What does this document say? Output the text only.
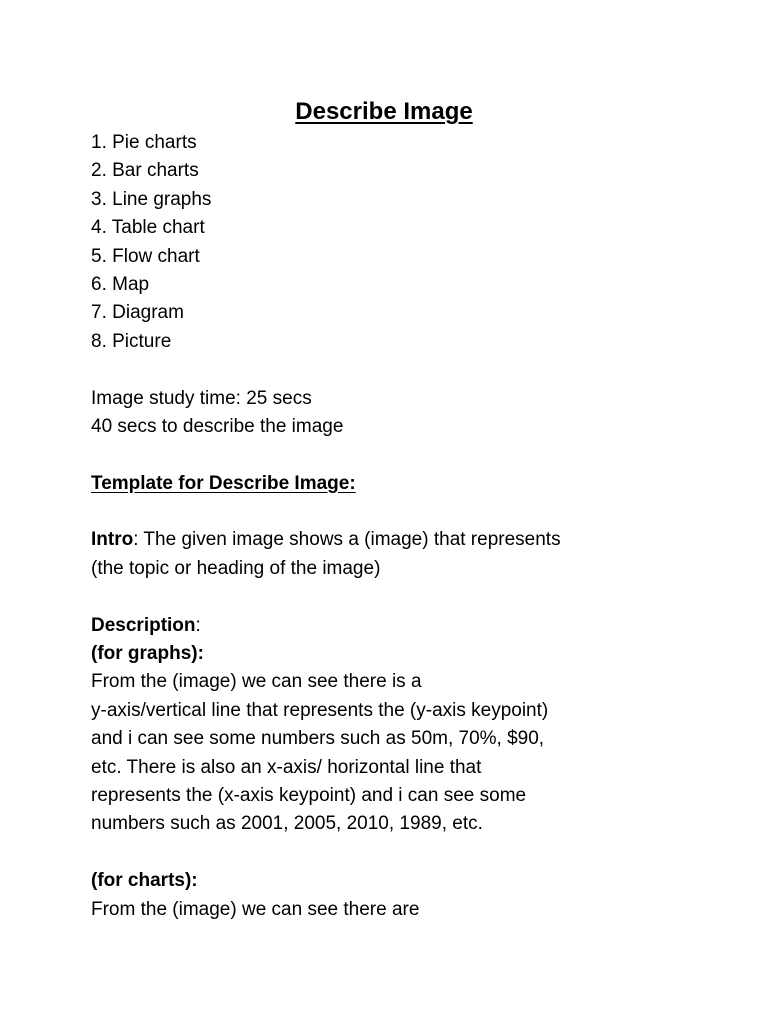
Describe Image
1. Pie charts
2. Bar charts
3. Line graphs
4. Table chart
5. Flow chart
6. Map
7. Diagram
8. Picture
Image study time: 25 secs
40 secs to describe the image
Template for Describe Image:
Intro: The given image shows a (image) that represents
(the topic or heading of the image)
Description:
(for graphs):
From the (image) we can see there is a
y-axis/vertical line that represents the (y-axis keypoint)
and i can see some numbers such as 50m, 70%, $90,
etc. There is also an x-axis/ horizontal line that
represents the (x-axis keypoint) and i can see some
numbers such as 2001, 2005, 2010, 1989, etc.
(for charts):
From the (image) we can see there are
